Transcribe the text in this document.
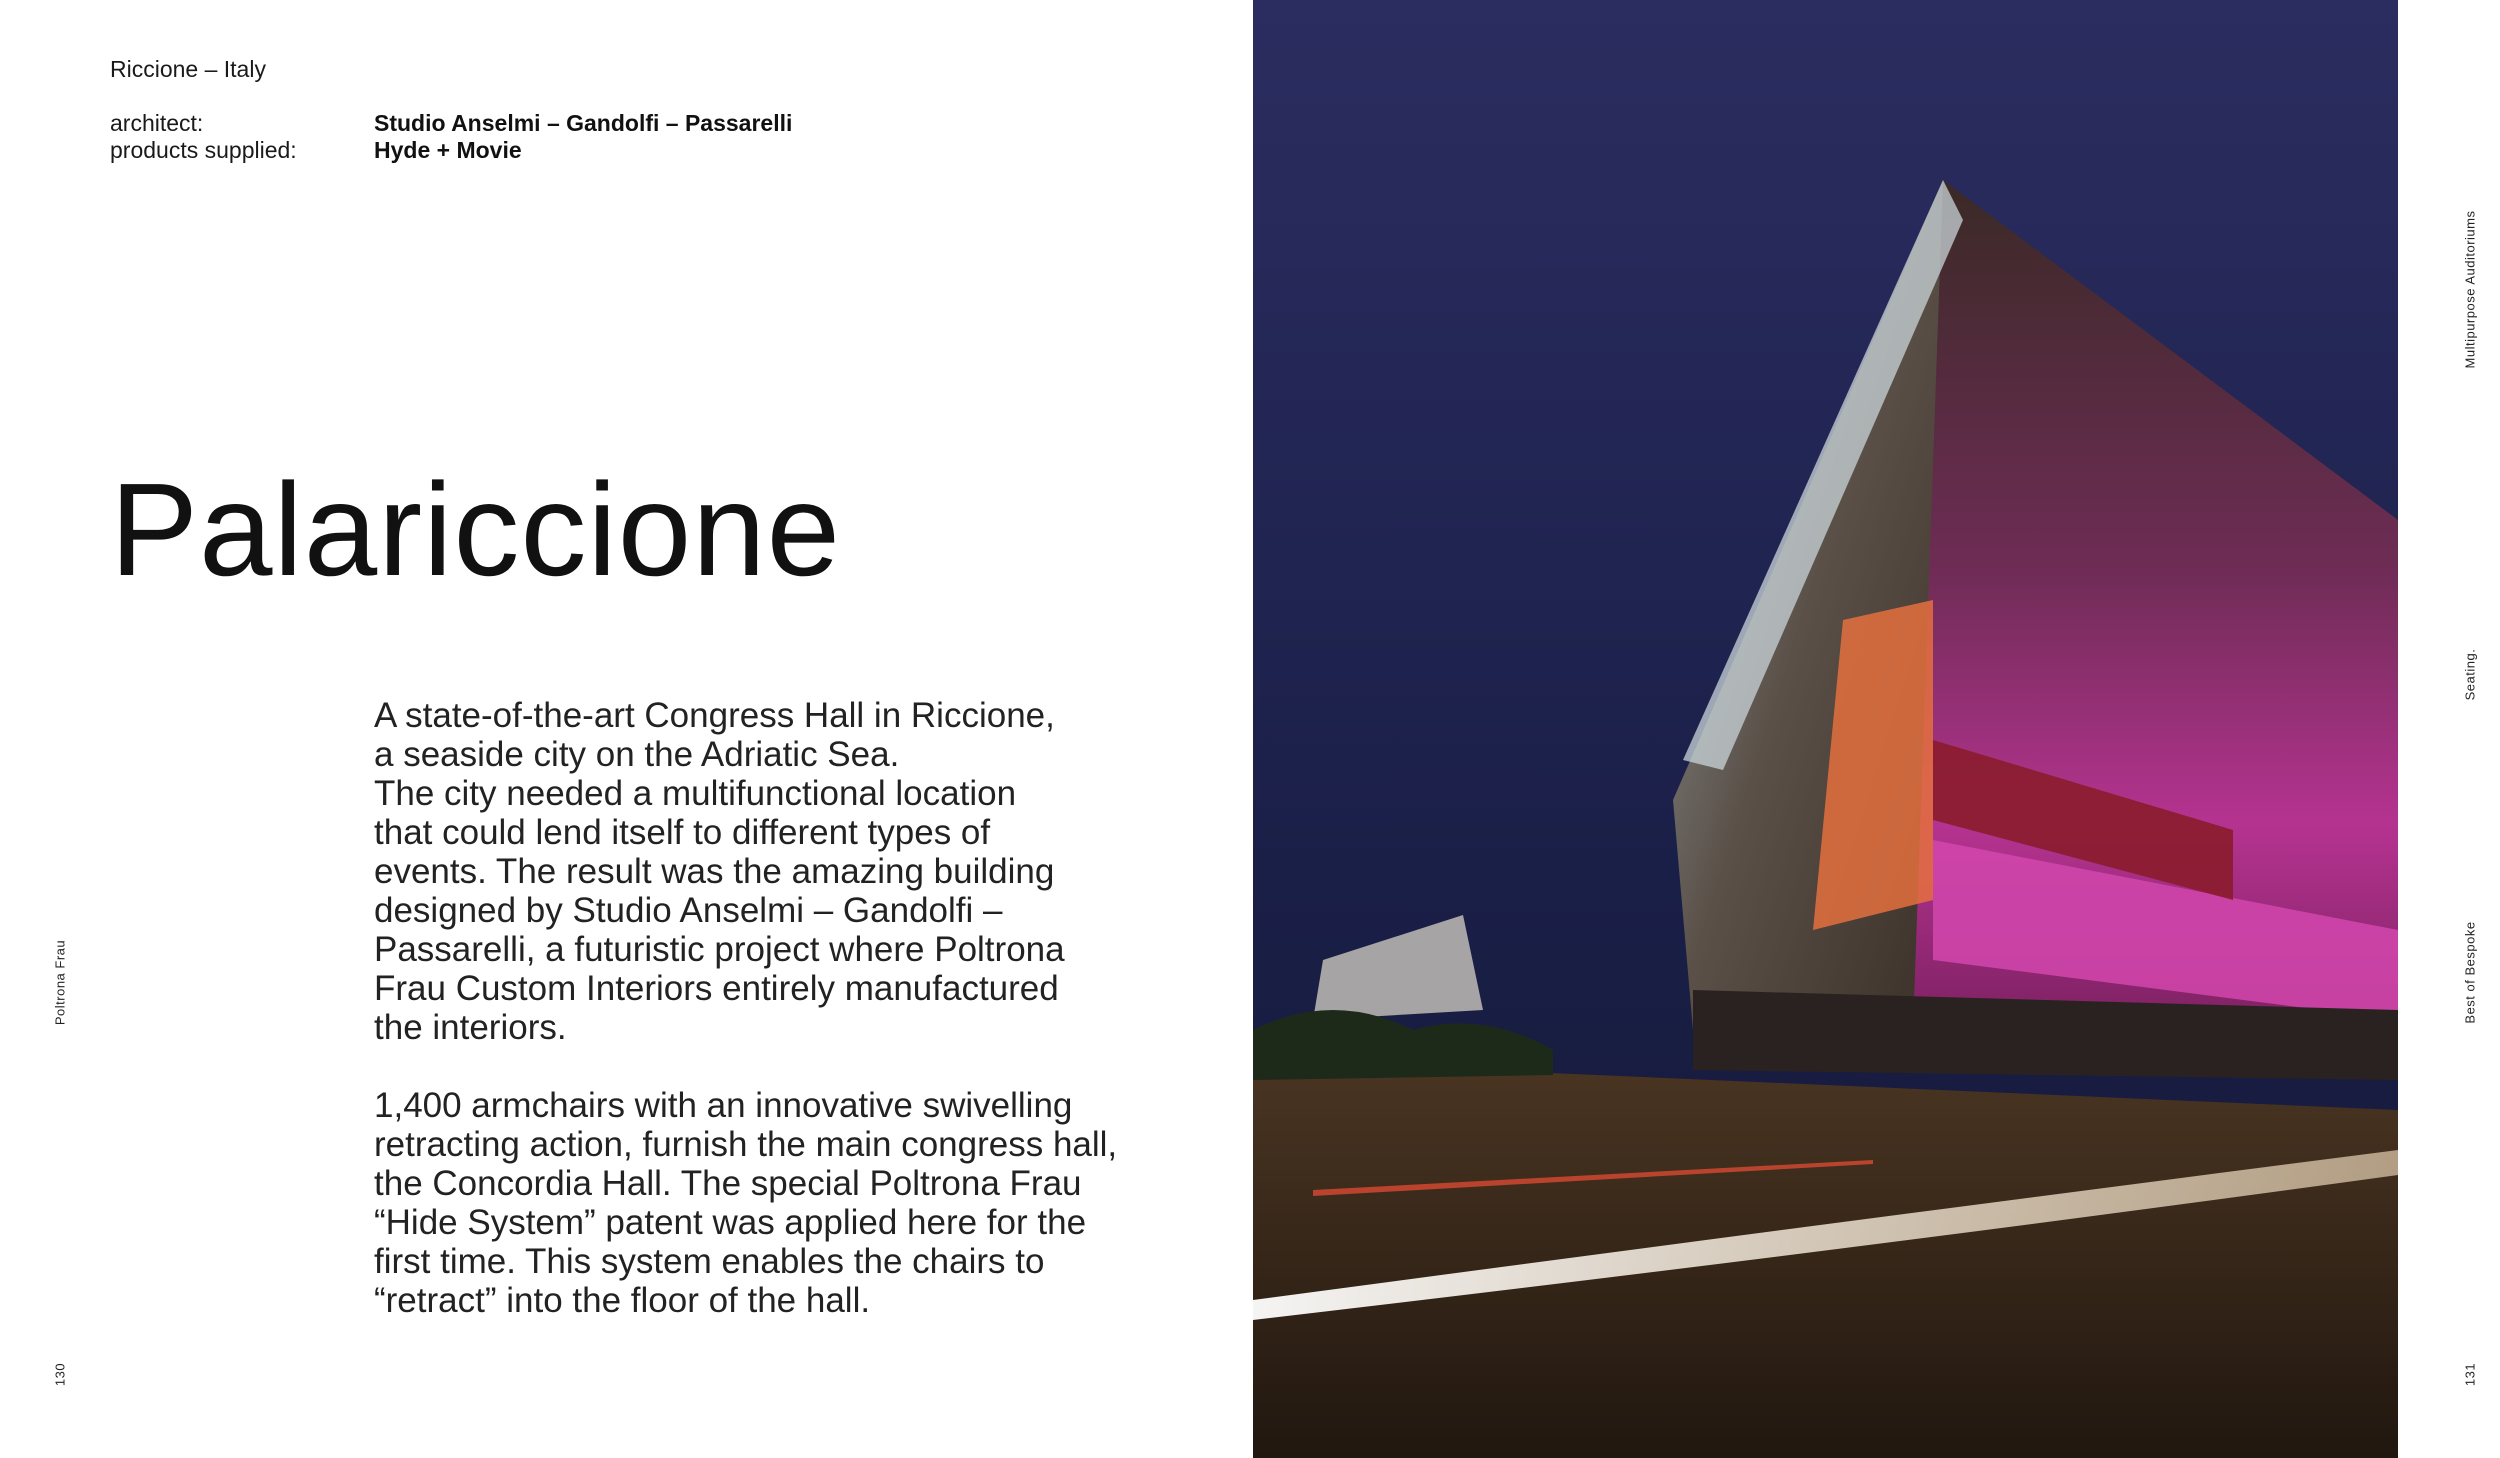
Riccione – Italy
architect:	Studio Anselmi – Gandolfi – Passarelli
products supplied:	Hyde + Movie
Palariccione

A state-of-the-art Congress Hall in Riccione,
a seaside city on the Adriatic Sea.
The city needed a multifunctional location
that could lend itself to different types of
events. The result was the amazing building
designed by Studio Anselmi – Gandolfi –
Passarelli, a futuristic project where Poltrona
Frau Custom Interiors entirely manufactured
the interiors.

1,400 armchairs with an innovative swivelling
retracting action, furnish the main congress hall,
the Concordia Hall. The special Poltrona Frau
“Hide System” patent was applied here for the
first time. This system enables the chairs to
“retract” into the floor of the hall.

Poltrona Frau
130
Multipurpose Auditoriums
Seating.
Best of Bespoke
131
